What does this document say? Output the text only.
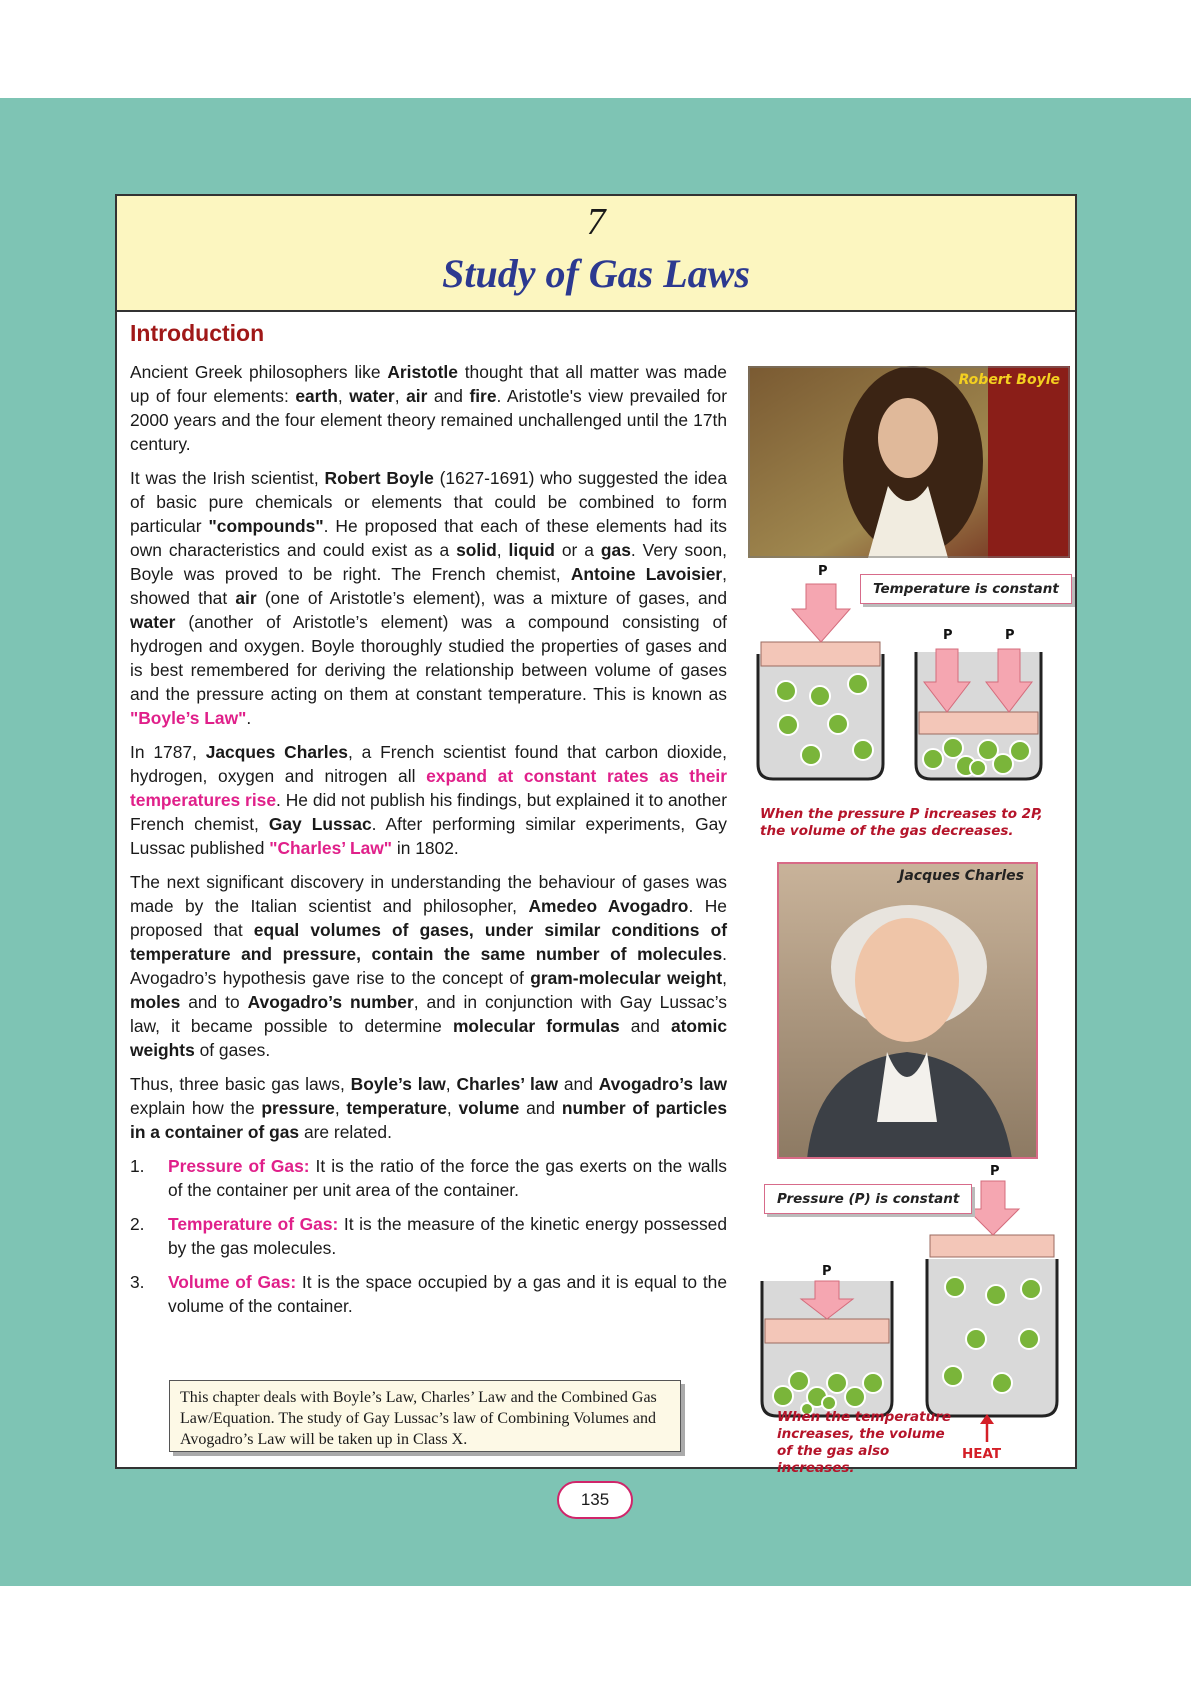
7
Study of Gas Laws
Introduction

Ancient Greek philosophers like Aristotle thought that all matter was made up of four elements: earth, water, air and fire. Aristotle's view prevailed for 2000 years and the four element theory remained unchallenged until the 17th century.

It was the Irish scientist, Robert Boyle (1627-1691) who suggested the idea of basic pure chemicals or elements that could be combined to form particular "compounds". He proposed that each of these elements had its own characteristics and could exist as a solid, liquid or a gas. Very soon, Boyle was proved to be right. The French chemist, Antoine Lavoisier, showed that air (one of Aristotle’s element), was a mixture of gases, and water (another of Aristotle’s element) was a compound consisting of hydrogen and oxygen. Boyle thoroughly studied the properties of gases and is best remembered for deriving the relationship between volume of gases and the pressure acting on them at constant temperature. This is known as "Boyle’s Law".

In 1787, Jacques Charles, a French scientist found that carbon dioxide, hydrogen, oxygen and nitrogen all expand at constant rates as their temperatures rise. He did not publish his findings, but explained it to another French chemist, Gay Lussac. After performing similar experiments, Gay Lussac published "Charles’ Law" in 1802.

The next significant discovery in understanding the behaviour of gases was made by the Italian scientist and philosopher, Amedeo Avogadro. He proposed that equal volumes of gases, under similar conditions of temperature and pressure, contain the same number of molecules. Avogadro’s hypothesis gave rise to the concept of gram-molecular weight, moles and to Avogadro’s number, and in conjunction with Gay Lussac’s law, it became possible to determine molecular formulas and atomic weights of gases.

Thus, three basic gas laws, Boyle’s law, Charles’ law and Avogadro’s law explain how the pressure, temperature, volume and number of particles in a container of gas are related.

1. Pressure of Gas: It is the ratio of the force the gas exerts on the walls of the container per unit area of the container.
2. Temperature of Gas: It is the measure of the kinetic energy possessed by the gas molecules.
3. Volume of Gas: It is the space occupied by a gas and it is equal to the volume of the container.
This chapter deals with Boyle’s Law, Charles’ Law and the Combined Gas Law/Equation. The study of Gay Lussac’s law of Combining Volumes and Avogadro’s Law will be taken up in Class X.
Robert Boyle
P
P	P
Temperature is constant
When the pressure P increases to 2P, the volume of the gas decreases.
Jacques Charles
P
P
Pressure (P) is constant
When the temperature increases, the volume of the gas also increases.
HEAT
135
